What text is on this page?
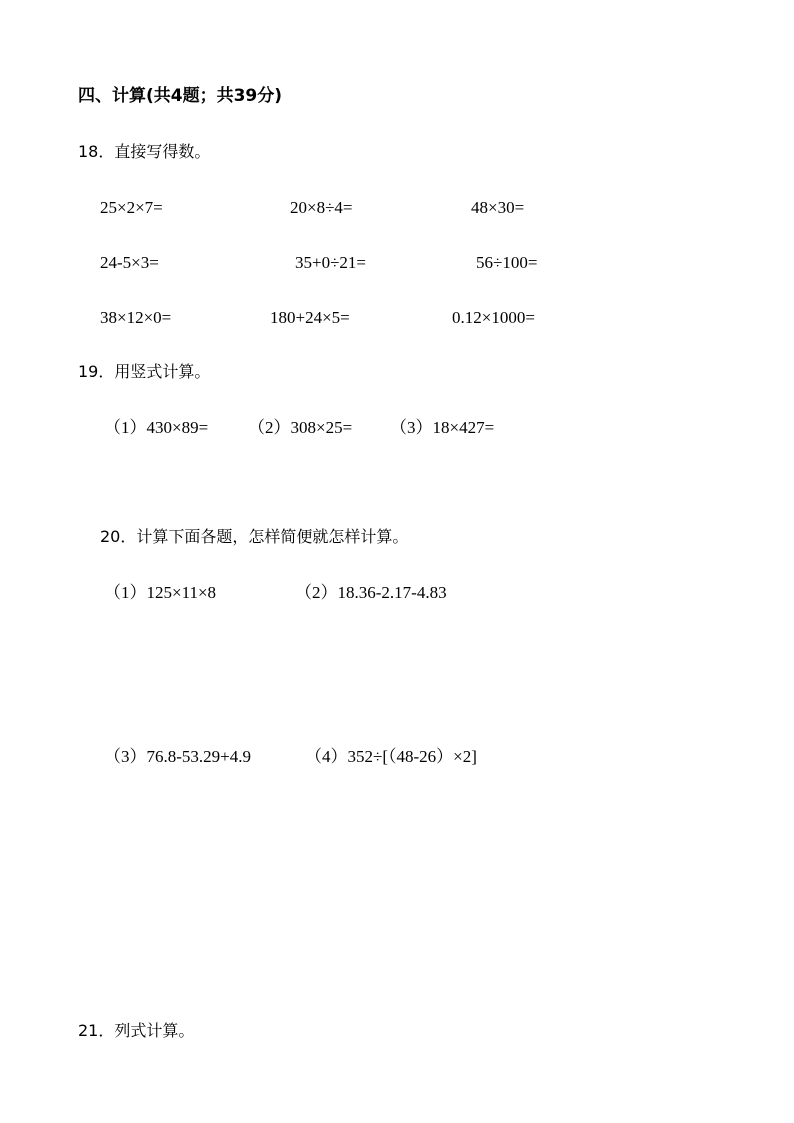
四、计算(共4题；共39分)
18．直接写得数。
25×2×7=	20×8÷4=	48×30=
24-5×3=	35+0÷21=	56÷100=
38×12×0=	180+24×5=	0.12×1000=
19．用竖式计算。
（1）430×89= （2）308×25= （3）18×427=
20．计算下面各题，怎样简便就怎样计算。
（1）125×11×8	（2）18.36-2.17-4.83
（3）76.8-53.29+4.9	（4）352÷[（48-26）×2]
21．列式计算。
